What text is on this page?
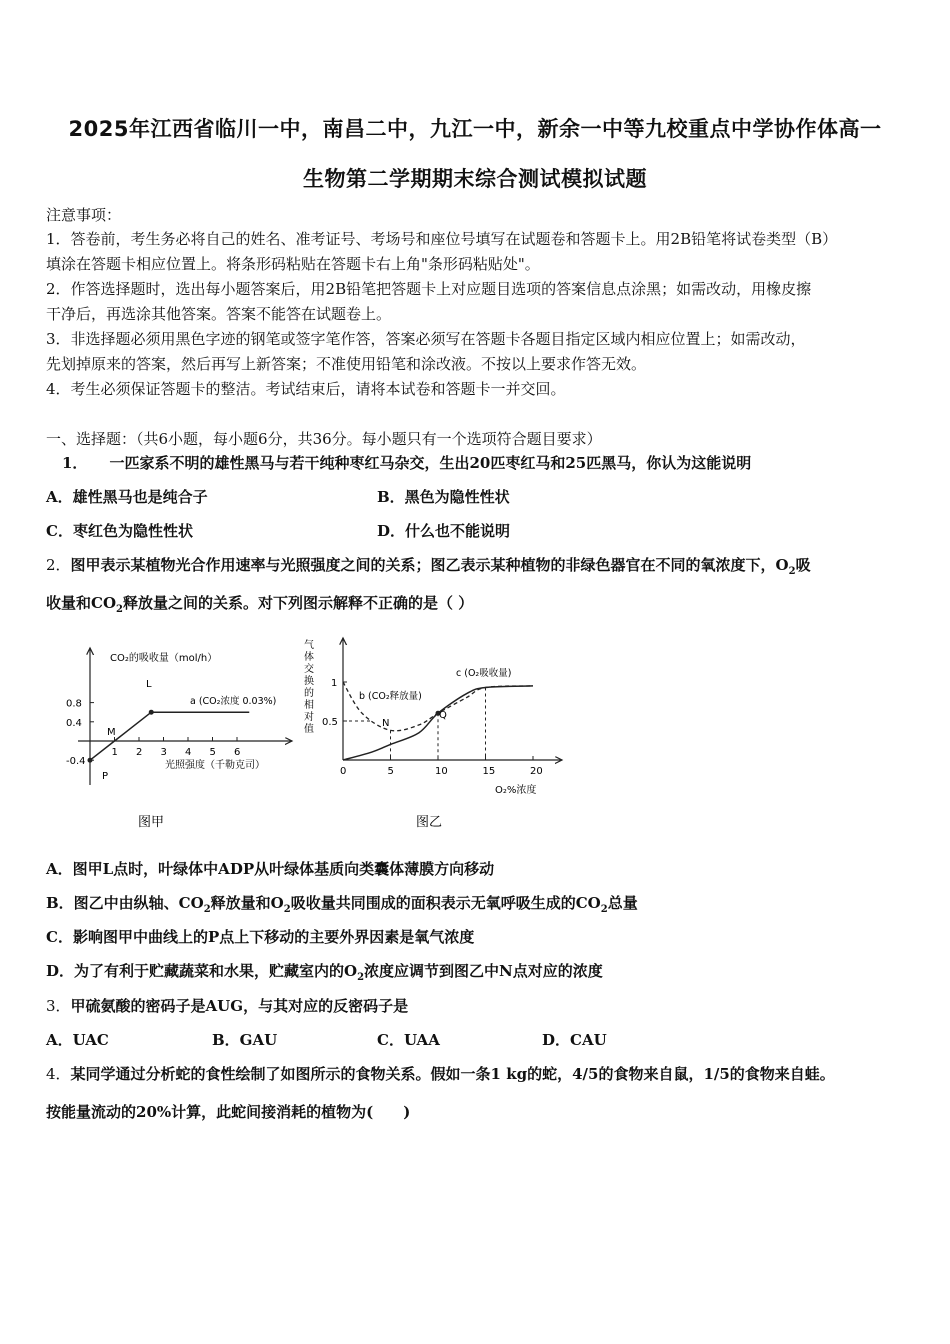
2025年江西省临川一中，南昌二中，九江一中，新余一中等九校重点中学协作体高一
生物第二学期期末综合测试模拟试题
注意事项：
1．答卷前，考生务必将自己的姓名、准考证号、考场号和座位号填写在试题卷和答题卡上。用2B铅笔将试卷类型（B）
填涂在答题卡相应位置上。将条形码粘贴在答题卡右上角"条形码粘贴处"。
2．作答选择题时，选出每小题答案后，用2B铅笔把答题卡上对应题目选项的答案信息点涂黑；如需改动，用橡皮擦
干净后，再选涂其他答案。答案不能答在试题卷上。
3．非选择题必须用黑色字迹的钢笔或签字笔作答，答案必须写在答题卡各题目指定区域内相应位置上；如需改动，
先划掉原来的答案，然后再写上新答案；不准使用铅笔和涂改液。不按以上要求作答无效。
4．考生必须保证答题卡的整洁。考试结束后，请将本试卷和答题卡一并交回。
一、选择题：（共6小题，每小题6分，共36分。每小题只有一个选项符合题目要求）
1． 一匹家系不明的雄性黑马与若干纯种枣红马杂交，生出20匹枣红马和25匹黑马，你认为这能说明
A．雄性黑马也是纯合子	B．黑色为隐性性状
C．枣红色为隐性性状	D．什么也不能说明
2．图甲表示某植物光合作用速率与光照强度之间的关系；图乙表示某种植物的非绿色器官在不同的氧浓度下，$O_2$吸
收量和$CO_2$释放量之间的关系。对下列图示解释不正确的是（ ）
1 2 3 4 5 6
0.8
0.4
-0.4
CO₂的吸收量（mol/h）
光照强度（千勒克司）
a (CO₂浓度 0.03%)
L
M
P
图甲
0	5	10	15	20
1
0.5
气体交换的相对值
b (CO₂释放量)
c (O₂吸收量)
N
Q
O₂%浓度
图乙
A．图甲L点时，叶绿体中ADP从叶绿体基质向类囊体薄膜方向移动
B．图乙中由纵轴、$CO_2$释放量和$O_2$吸收量共同围成的面积表示无氧呼吸生成的$CO_2$总量
C．影响图甲中曲线上的P点上下移动的主要外界因素是氧气浓度
D．为了有利于贮藏蔬菜和水果，贮藏室内的$O_2$浓度应调节到图乙中N点对应的浓度
3．甲硫氨酸的密码子是AUG，与其对应的反密码子是
A．UAC	B．GAU	C．UAA	D．CAU
4．某同学通过分析蛇的食性绘制了如图所示的食物关系。假如一条1 kg的蛇，4/5的食物来自鼠，1/5的食物来自蛙。
按能量流动的20%计算，此蛇间接消耗的植物为(　　)
